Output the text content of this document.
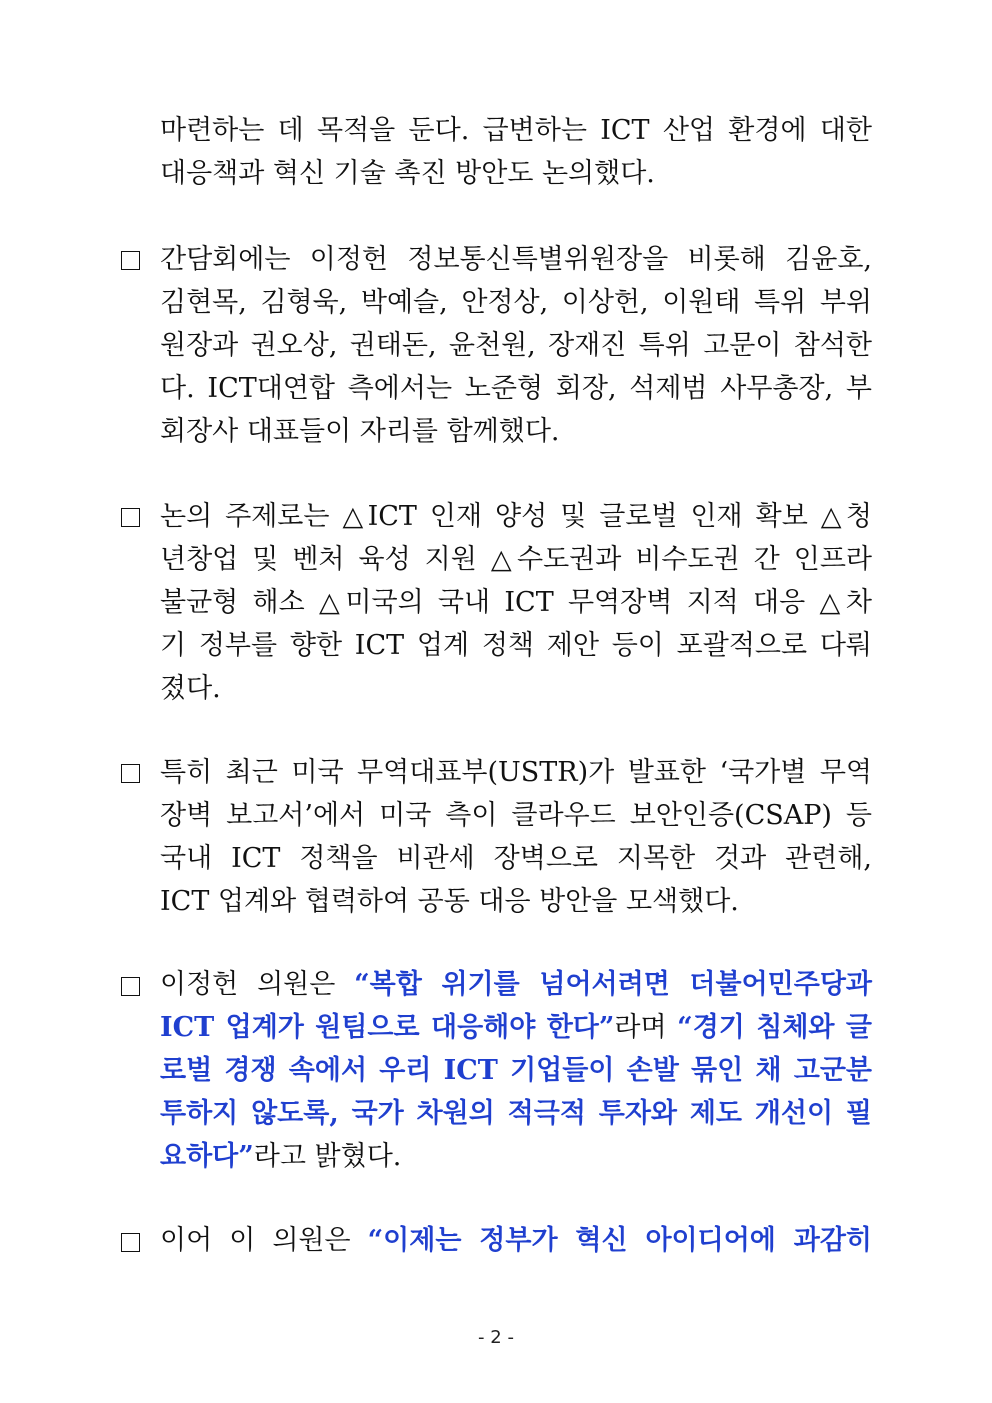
마련하는 데 목적을 둔다. 급변하는 ICT 산업 환경에 대한
대응책과 혁신 기술 촉진 방안도 논의했다.
간담회에는 이정헌 정보통신특별위원장을 비롯해 김윤호,
김현목, 김형욱, 박예슬, 안정상, 이상헌, 이원태 특위 부위
원장과 권오상, 권태돈, 윤천원, 장재진 특위 고문이 참석한
다. ICT대연합 측에서는 노준형 회장, 석제범 사무총장, 부
회장사 대표들이 자리를 함께했다.
논의 주제로는 △ICT 인재 양성 및 글로벌 인재 확보 △청
년창업 및 벤처 육성 지원 △수도권과 비수도권 간 인프라
불균형 해소 △미국의 국내 ICT 무역장벽 지적 대응 △차
기 정부를 향한 ICT 업계 정책 제안 등이 포괄적으로 다뤄
졌다.
특히 최근 미국 무역대표부(USTR)가 발표한 ‘국가별 무역
장벽 보고서’에서 미국 측이 클라우드 보안인증(CSAP) 등
국내 ICT 정책을 비관세 장벽으로 지목한 것과 관련해,
ICT 업계와 협력하여 공동 대응 방안을 모색했다.
이정헌 의원은 “복합 위기를 넘어서려면 더불어민주당과
ICT 업계가 원팀으로 대응해야 한다”라며 “경기 침체와 글
로벌 경쟁 속에서 우리 ICT 기업들이 손발 묶인 채 고군분
투하지 않도록, 국가 차원의 적극적 투자와 제도 개선이 필
요하다”라고 밝혔다.
이어 이 의원은 “이제는 정부가 혁신 아이디어에 과감히
- 2 -
